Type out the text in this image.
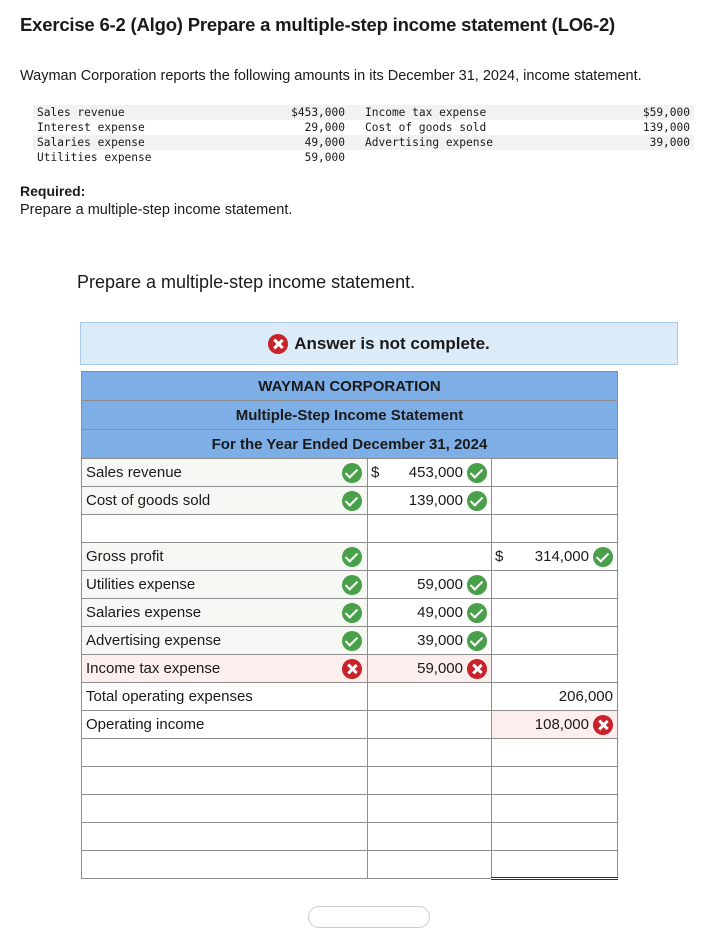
Exercise 6-2 (Algo) Prepare a multiple-step income statement (LO6-2)
Wayman Corporation reports the following amounts in its December 31, 2024, income statement.
Sales revenue	$453,000	Income tax expense	$59,000
Interest expense	29,000	Cost of goods sold	139,000
Salaries expense	49,000	Advertising expense	39,000
Utilities expense	59,000		
Required:
Prepare a multiple-step income statement.
Prepare a multiple-step income statement.
Answer is not complete.
WAYMAN CORPORATION		
Multiple-Step Income Statement		
For the Year Ended December 31, 2024		
Sales revenue	$ 453,000	
Cost of goods sold	139,000	

Gross profit		$ 314,000
Utilities expense	59,000	
Salaries expense	49,000	
Advertising expense	39,000	
Income tax expense	59,000	
Total operating expenses		206,000
Operating income		108,000
